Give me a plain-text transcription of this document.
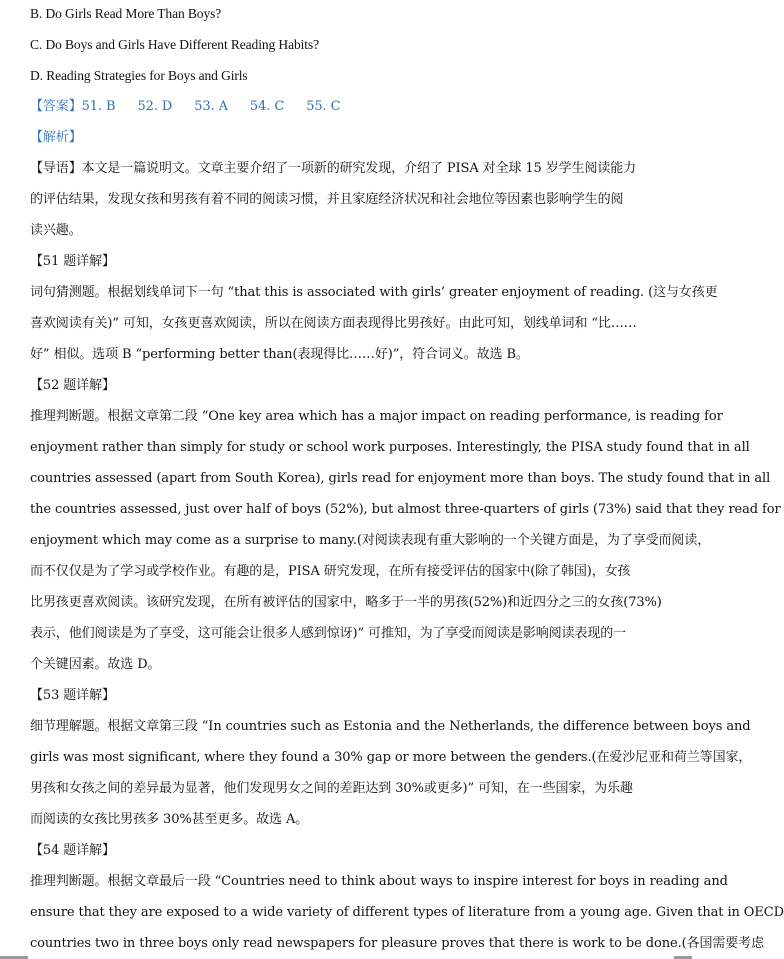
B. Do Girls Read More Than Boys?
C. Do Boys and Girls Have Different Reading Habits?
D. Reading Strategies for Boys and Girls
【答案】51. B 52. D 53. A 54. C 55. C
【解析】
【导语】本文是一篇说明文。文章主要介绍了一项新的研究发现，介绍了 PISA 对全球 15 岁学生阅读能力
的评估结果，发现女孩和男孩有着不同的阅读习惯，并且家庭经济状况和社会地位等因素也影响学生的阅
读兴趣。
【51 题详解】
词句猜测题。根据划线单词下一句 “that this is associated with girls’ greater enjoyment of reading. (这与女孩更
喜欢阅读有关)” 可知，女孩更喜欢阅读，所以在阅读方面表现得比男孩好。由此可知，划线单词和 “比……
好” 相似。选项 B “performing better than(表现得比……好)”，符合词义。故选 B。
【52 题详解】
推理判断题。根据文章第二段 “One key area which has a major impact on reading performance, is reading for
enjoyment rather than simply for study or school work purposes. Interestingly, the PISA study found that in all
countries assessed (apart from South Korea), girls read for enjoyment more than boys. The study found that in all
the countries assessed, just over half of boys (52%), but almost three-quarters of girls (73%) said that they read for
enjoyment which may come as a surprise to many.(对阅读表现有重大影响的一个关键方面是，为了享受而阅读，
而不仅仅是为了学习或学校作业。有趣的是，PISA 研究发现，在所有接受评估的国家中(除了韩国)，女孩
比男孩更喜欢阅读。该研究发现，在所有被评估的国家中，略多于一半的男孩(52%)和近四分之三的女孩(73%)
表示，他们阅读是为了享受，这可能会让很多人感到惊讶)” 可推知，为了享受而阅读是影响阅读表现的一
个关键因素。故选 D。
【53 题详解】
细节理解题。根据文章第三段 “In countries such as Estonia and the Netherlands, the difference between boys and
girls was most significant, where they found a 30% gap or more between the genders.(在爱沙尼亚和荷兰等国家，
男孩和女孩之间的差异最为显著，他们发现男女之间的差距达到 30%或更多)” 可知，在一些国家，为乐趣
而阅读的女孩比男孩多 30%甚至更多。故选 A。
【54 题详解】
推理判断题。根据文章最后一段 “Countries need to think about ways to inspire interest for boys in reading and
ensure that they are exposed to a wide variety of different types of literature from a young age. Given that in OECD
countries two in three boys only read newspapers for pleasure proves that there is work to be done.(各国需要考虑
